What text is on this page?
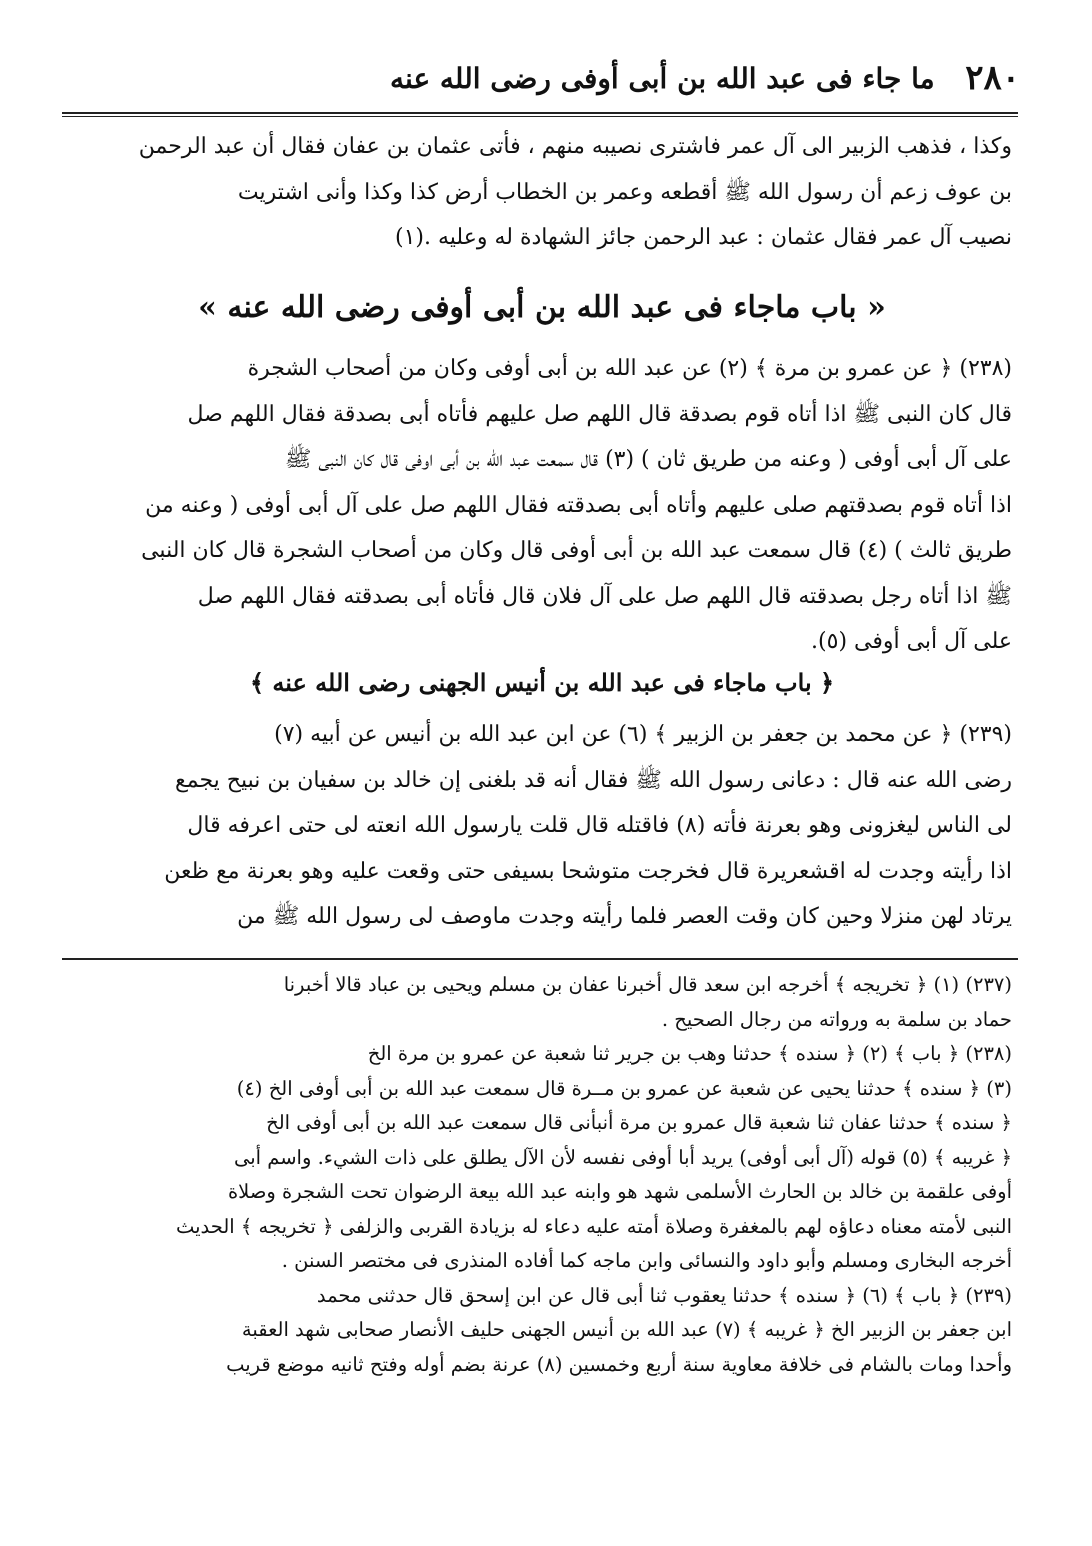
٢٨٠
ما جاء فى عبد الله بن أبى أوفى رضى الله عنه

وكذا ، فذهب الزبير الى آل عمر فاشترى نصيبه منهم ، فأتى عثمان بن عفان فقال أن عبد الرحمن

بن عوف زعم أن رسول الله ﷺ أقطعه وعمر بن الخطاب أرض كذا وكذا وأنى اشتريت

نصيب آل عمر فقال عثمان : عبد الرحمن جائز الشهادة له وعليه .(١)

« باب ماجاء فى عبد الله بن أبى أوفى رضى الله عنه »

(٢٣٨) ﴿ عن عمرو بن مرة ﴾ (٢) عن عبد الله بن أبى أوفى وكان من أصحاب الشجرة

قال كان النبى ﷺ اذا أتاه قوم بصدقة قال اللهم صل عليهم فأتاه أبى بصدقة فقال اللهم صل

على آل أبى أوفى ( وعنه من طريق ثان ) (٣) قال سمعت عبد الله بن أبى اوفى قال كان النبى ﷺ

اذا أتاه قوم بصدقتهم صلى عليهم وأتاه أبى بصدقته فقال اللهم صل على آل أبى أوفى ( وعنه من

طريق ثالث ) (٤) قال سمعت عبد الله بن أبى أوفى قال وكان من أصحاب الشجرة قال كان النبى

ﷺ اذا أتاه رجل بصدقته قال اللهم صل على آل فلان قال فأتاه أبى بصدقته فقال اللهم صل

على آل أبى أوفى (٥).

﴿ باب ماجاء فى عبد الله بن أنيس الجهنى رضى الله عنه ﴾

(٢٣٩) ﴿ عن محمد بن جعفر بن الزبير ﴾ (٦) عن ابن عبد الله بن أنيس عن أبيه (٧)

رضى الله عنه قال : دعانى رسول الله ﷺ فقال أنه قد بلغنى إن خالد بن سفيان بن نبيح يجمع

لى الناس ليغزونى وهو بعرنة فأته (٨) فاقتله قال قلت يارسول الله انعته لى حتى اعرفه قال

اذا رأيته وجدت له اقشعريرة قال فخرجت متوشحا بسيفى حتى وقعت عليه وهو بعرنة مع ظعن

يرتاد لهن منزلا وحين كان وقت العصر فلما رأيته وجدت ماوصف لى رسول الله ﷺ من

(٢٣٧) (١) ﴿ تخريجه ﴾ أخرجه ابن سعد قال أخبرنا عفان بن مسلم ويحيى بن عباد قالا أخبرنا

حماد بن سلمة به ورواته من رجال الصحيح .

(٢٣٨) ﴿ باب ﴾ (٢) ﴿ سنده ﴾ حدثنا وهب بن جرير ثنا شعبة عن عمرو بن مرة الخ

(٣) ﴿ سنده ﴾ حدثنا يحيى عن شعبة عن عمرو بن مــرة قال سمعت عبد الله بن أبى أوفى الخ (٤)

﴿ سنده ﴾ حدثنا عفان ثنا شعبة قال عمرو بن مرة أنبأنى قال سمعت عبد الله بن أبى أوفى الخ

﴿ غريبه ﴾ (٥) قوله (آل أبى أوفى) يريد أبا أوفى نفسه لأن الآل يطلق على ذات الشيء. واسم أبى

أوفى علقمة بن خالد بن الحارث الأسلمى شهد هو وابنه عبد الله بيعة الرضوان تحت الشجرة وصلاة

النبى لأمته معناه دعاؤه لهم بالمغفرة وصلاة أمته عليه دعاء له بزيادة القربى والزلفى ﴿ تخريجه ﴾ الحديث

أخرجه البخارى ومسلم وأبو داود والنسائى وابن ماجه كما أفاده المنذرى فى مختصر السنن .

(٢٣٩) ﴿ باب ﴾ (٦) ﴿ سنده ﴾ حدثنا يعقوب ثنا أبى قال عن ابن إسحق قال حدثنى محمد

ابن جعفر بن الزبير الخ ﴿ غريبه ﴾ (٧) عبد الله بن أنيس الجهنى حليف الأنصار صحابى شهد العقبة

وأحدا ومات بالشام فى خلافة معاوية سنة أربع وخمسين (٨) عرنة بضم أوله وفتح ثانيه موضع قريب
